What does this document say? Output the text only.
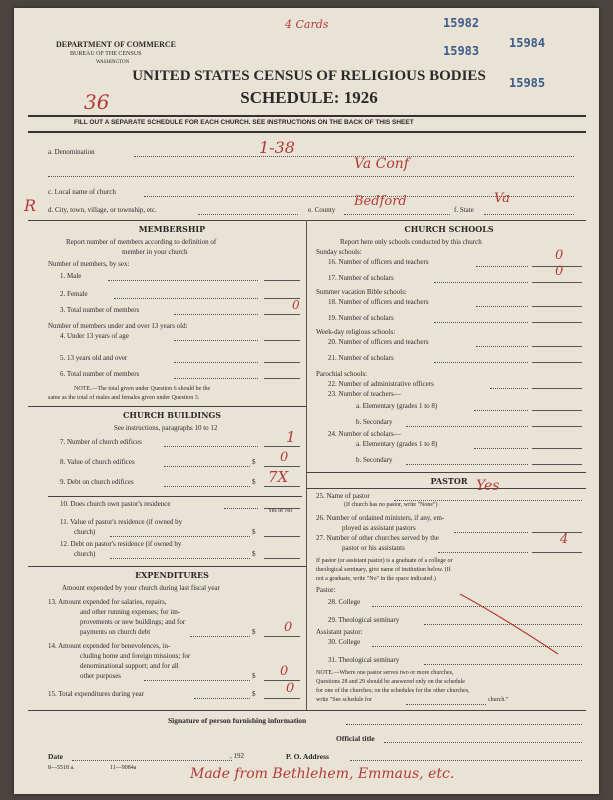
15982
15983
15984
15985
4 Cards
DEPARTMENT OF COMMERCE
BUREAU OF THE CENSUS
WASHINGTON
UNITED STATES CENSUS OF RELIGIOUS BODIES
SCHEDULE: 1926
36
FILL OUT A SEPARATE SCHEDULE FOR EACH CHURCH. SEE INSTRUCTIONS ON THE BACK OF THIS SHEET
a. Denomination	1-38
Va Conf
c. Local name of church
R d. City, town, village, or township, etc.	e. County
Bedford
f. State
Va
MEMBERSHIP
Report number of members according to definition of
member in your church
Number of members, by sex:
1. Male
2. Female
3. Total number of members	0
Number of members under and over 13 years old:
4. Under 13 years of age
5. 13 years old and over
6. Total number of members
NOTE.—The total given under Question 6 should be the
same as the total of males and females given under Question 3.
CHURCH BUILDINGS
See instructions, paragraphs 10 to 12
7. Number of church edifices	1
8. Value of church edifices	$ 0
9. Debt on church edifices	$ 7X
10. Does church own pastor's residence
Yes or No
11. Value of pastor's residence (if owned by
church)	$
12. Debt on pastor's residence (if owned by
church)	$
EXPENDITURES
Amount expended by your church during last fiscal year
13. Amount expended for salaries, repairs,
and other running expenses; for im-
provements or new buildings; and for
payments on church debt	$ 0
14. Amount expended for benevolences, in-
cluding home and foreign missions; for
denominational support; and for all
other purposes	$ 0
15. Total expenditures during year	$ 0
CHURCH SCHOOLS
Report here only schools conducted by this church
Sunday schools:
16. Number of officers and teachers	0
17. Number of scholars	0
Summer vacation Bible schools:
18. Number of officers and teachers
19. Number of scholars
Week-day religious schools:
20. Number of officers and teachers
21. Number of scholars
Parochial schools:
22. Number of administrative officers
23. Number of teachers—
a. Elementary (grades 1 to 8)
b. Secondary
24. Number of scholars—
a. Elementary (grades 1 to 8)
b. Secondary
PASTOR
25. Name of pastor
Yes
(If church has no pastor, write "None")
26. Number of ordained ministers, if any, em-
ployed as assistant pastors
27. Number of other churches served by the
pastor or his assistants
4
If pastor (or assistant pastor) is a graduate of a college or
theological seminary, give name of institution below. (If
not a graduate, write "No" in the space indicated.)
Pastor:
28. College
29. Theological seminary
Assistant pastor:
30. College
31. Theological seminary
NOTE.—Where one pastor serves two or more churches,
Questions 28 and 29 should be answered only on the schedule
for one of the churches; on the schedules for the other churches,
write "See schedule for	church."
Signature of person furnishing information
Official title
Date	, 192	P. O. Address
8—5518 a.	11—9084a	Made from Bethlehem, Emmaus, etc.
